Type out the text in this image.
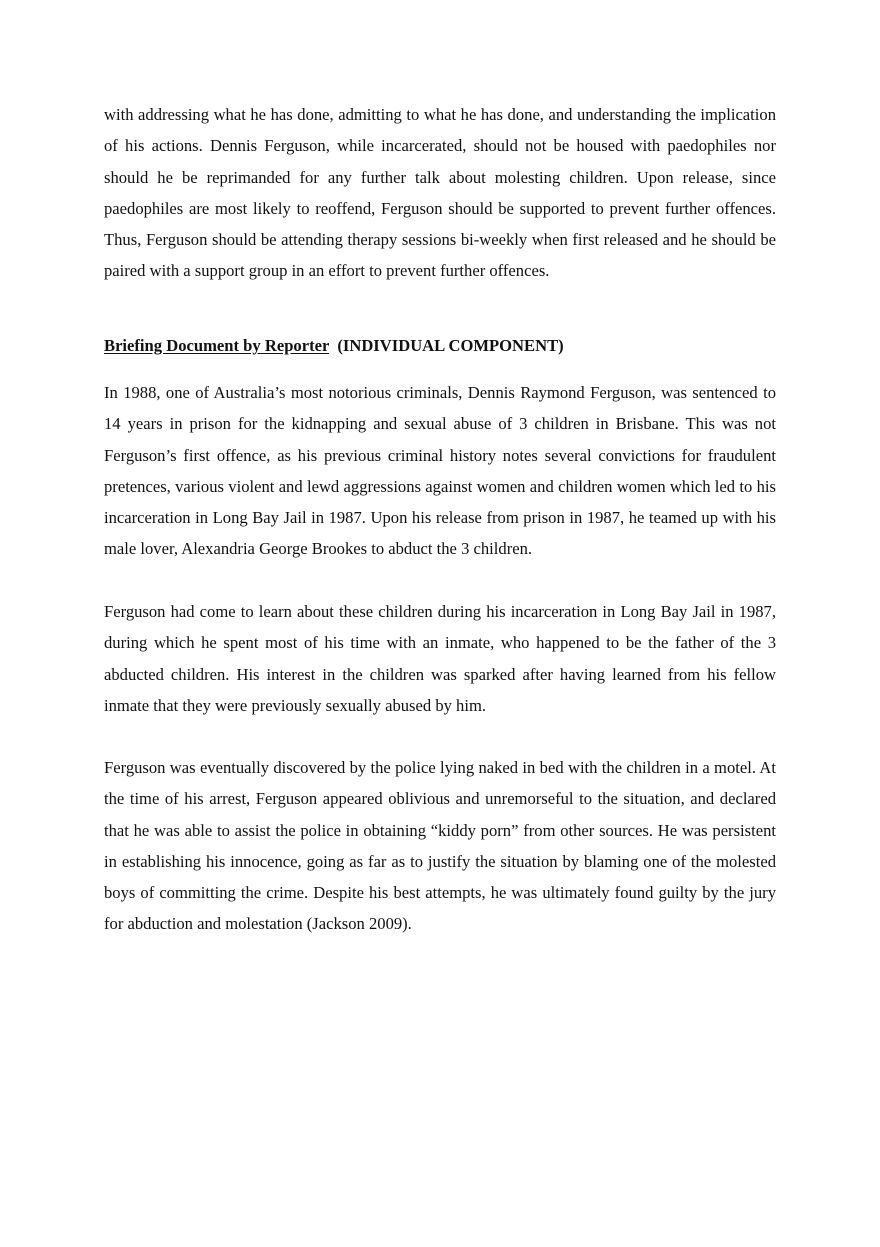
with addressing what he has done, admitting to what he has done, and understanding the implication of his actions. Dennis Ferguson, while incarcerated, should not be housed with paedophiles nor should he be reprimanded for any further talk about molesting children. Upon release, since paedophiles are most likely to reoffend, Ferguson should be supported to prevent further offences. Thus, Ferguson should be attending therapy sessions bi-weekly when first released and he should be paired with a support group in an effort to prevent further offences.

Briefing Document by Reporter (INDIVIDUAL COMPONENT)

In 1988, one of Australia’s most notorious criminals, Dennis Raymond Ferguson, was sentenced to 14 years in prison for the kidnapping and sexual abuse of 3 children in Brisbane. This was not Ferguson’s first offence, as his previous criminal history notes several convictions for fraudulent pretences, various violent and lewd aggressions against women and children women which led to his incarceration in Long Bay Jail in 1987. Upon his release from prison in 1987, he teamed up with his male lover, Alexandria George Brookes to abduct the 3 children.

Ferguson had come to learn about these children during his incarceration in Long Bay Jail in 1987, during which he spent most of his time with an inmate, who happened to be the father of the 3 abducted children. His interest in the children was sparked after having learned from his fellow inmate that they were previously sexually abused by him.

Ferguson was eventually discovered by the police lying naked in bed with the children in a motel. At the time of his arrest, Ferguson appeared oblivious and unremorseful to the situation, and declared that he was able to assist the police in obtaining “kiddy porn” from other sources. He was persistent in establishing his innocence, going as far as to justify the situation by blaming one of the molested boys of committing the crime. Despite his best attempts, he was ultimately found guilty by the jury for abduction and molestation (Jackson 2009).
